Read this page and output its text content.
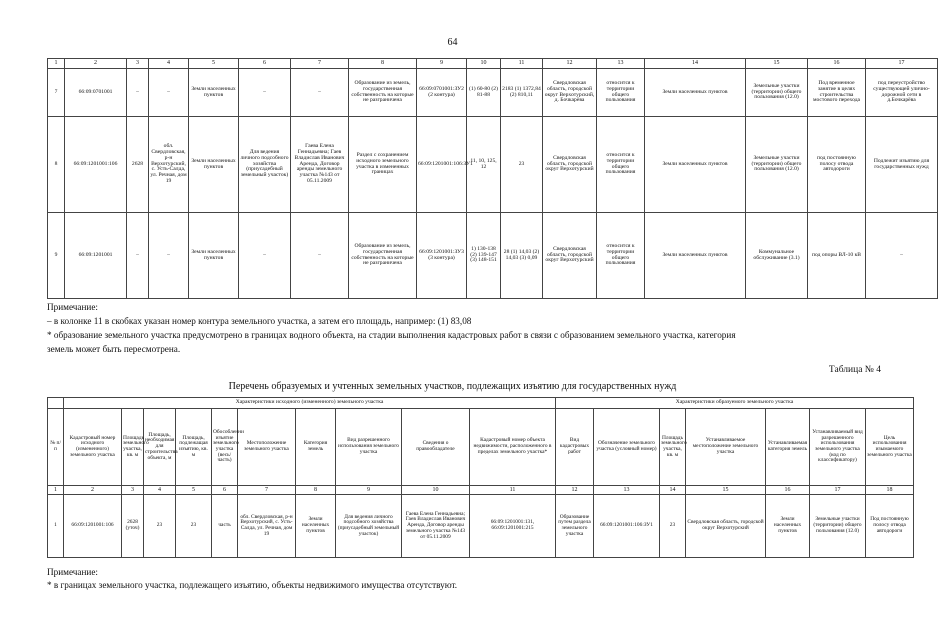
64
1	2	3	4	5	6	7	8	9	10	11	12	13	14	15	16	17
7	66:09:0701001	–	–	Земли населенных пунктов	–	–	Образование из земель, государственная собственность на которые не разграничена	66:09:0701001:ЗУ2 (2 контура)	(1) 60-80 (2) 81-88	2183 (1) 1372,84 (2) 810,11	Свердловская область, городской округ Верхотурский, д. Бочкарёва	относится к территории общего пользования	Земли населенных пунктов	Земельные участки (территории) общего пользования (12.0)	Под временное занятие в целях строительства мостового перехода	под переустройство существующей улично-дорожной сети в д.Бочкарёва
8	66:09:1201001:106	2628	обл. Свердловская, р-н Верхотурский, с. Усть-Салда, ул. Речная, дом 19	Земли населенных пунктов	Для ведения личного подсобного хозяйства (приусадебный земельный участок)	Гаева Елена Геннадьевна; Гаев Владислав Иванович Аренда, Договор аренды земельного участка №143 от 05.11.2009	Раздел с сохранением исходного земельного участка в измененных границах	66:09:1201001:106:ЗУ1	11, 10, 125, 12	23	Свердловская область, городской округ Верхотурский	относится к территории общего пользования	Земли населенных пунктов	Земельные участки (территории) общего пользования (12.0)	под постоянную полосу отвода автодороги	Подлежит изъятию для государственных нужд
9	66:09:1201001	–	–	Земли населенных пунктов	–	–	Образование из земель, государственная собственность на которые не разграничена	66:09:1201001:ЗУ3 (3 контура)	1) 130-138 (2) 139-147 (3) 148-151	28 (1) 14,03 (2) 14,03 (3) 0,09	Свердловская область, городской округ Верхотурский	относится к территории общего пользования	Земли населенных пунктов	Коммунальное обслуживание (3.1)	под опоры ВЛ-10 кВ	–
Примечание:
– в колонке 11 в скобках указан номер контура земельного участка, а затем его площадь, например: (1) 83,08
* образование земельного участка предусмотрено в границах водного объекта, на стадии выполнения кадастровых работ в связи с образованием земельного участка, категория
земель может быть пересмотрена.
Таблица № 4
Перечень образуемых и учтенных земельных участков, подлежащих изъятию для государственных нужд
	Характеристики исходного (измененного) земельного участка										Характеристики образуемого земельного участка						
№ п/п	Кадастровый номер исходного (измененного) земельного участка	Площадь земельного участка, кв. м	Площадь, необходимая для строительства объекта, м	Площадь, подлежащая изъятию, кв. м	Обособленни изъятие земельного участка (весь/часть)	Местоположение земельного участка	Категория земель	Вид разрешенного использования земельного участка	Сведения о правообладателе	Кадастровый номер объекта недвижимости, расположенного в пределах земельного участка*	Вид кадастровых работ	Обозначение земельного участка (условный номер)	Площадь земельного участка, кв. м	Устанавливаемое местоположение земельного участка	Устанавливаемая категория земель	Устанавливаемый вид разрешенного использования земельного участка (код по классификатору)	Цель использования изымаемого земельного участка
1	2	3	4	5	6	7	8	9	10	11	12	13	14	15	16	17	18
1	66:09:1201001:106	2628 (уточ)	23	23	часть	обл. Свердловская, р-н Верхотурский, с. Усть-Салда, ул. Речная, дом 19	Земли населенных пунктов	Для ведения личного подсобного хозяйства (приусадебный земельный участок)	Гаева Елена Геннадьевна; Гаев Владислав Иванович Аренда, Договор аренды земельного участка №143 от 05.11.2009	66:09:1201001:131, 66:09:1201001:215	Образование путем раздела земельного участка	66:09:1201001:106:ЗУ1	23	Свердловская область, городской округ Верхотурский	Земли населенных пунктов	Земельные участки (территории) общего пользования (12.0)	Под постоянную полосу отвода автодороги
Примечание:
* в границах земельного участка, подлежащего изъятию, объекты недвижимого имущества отсутствуют.
